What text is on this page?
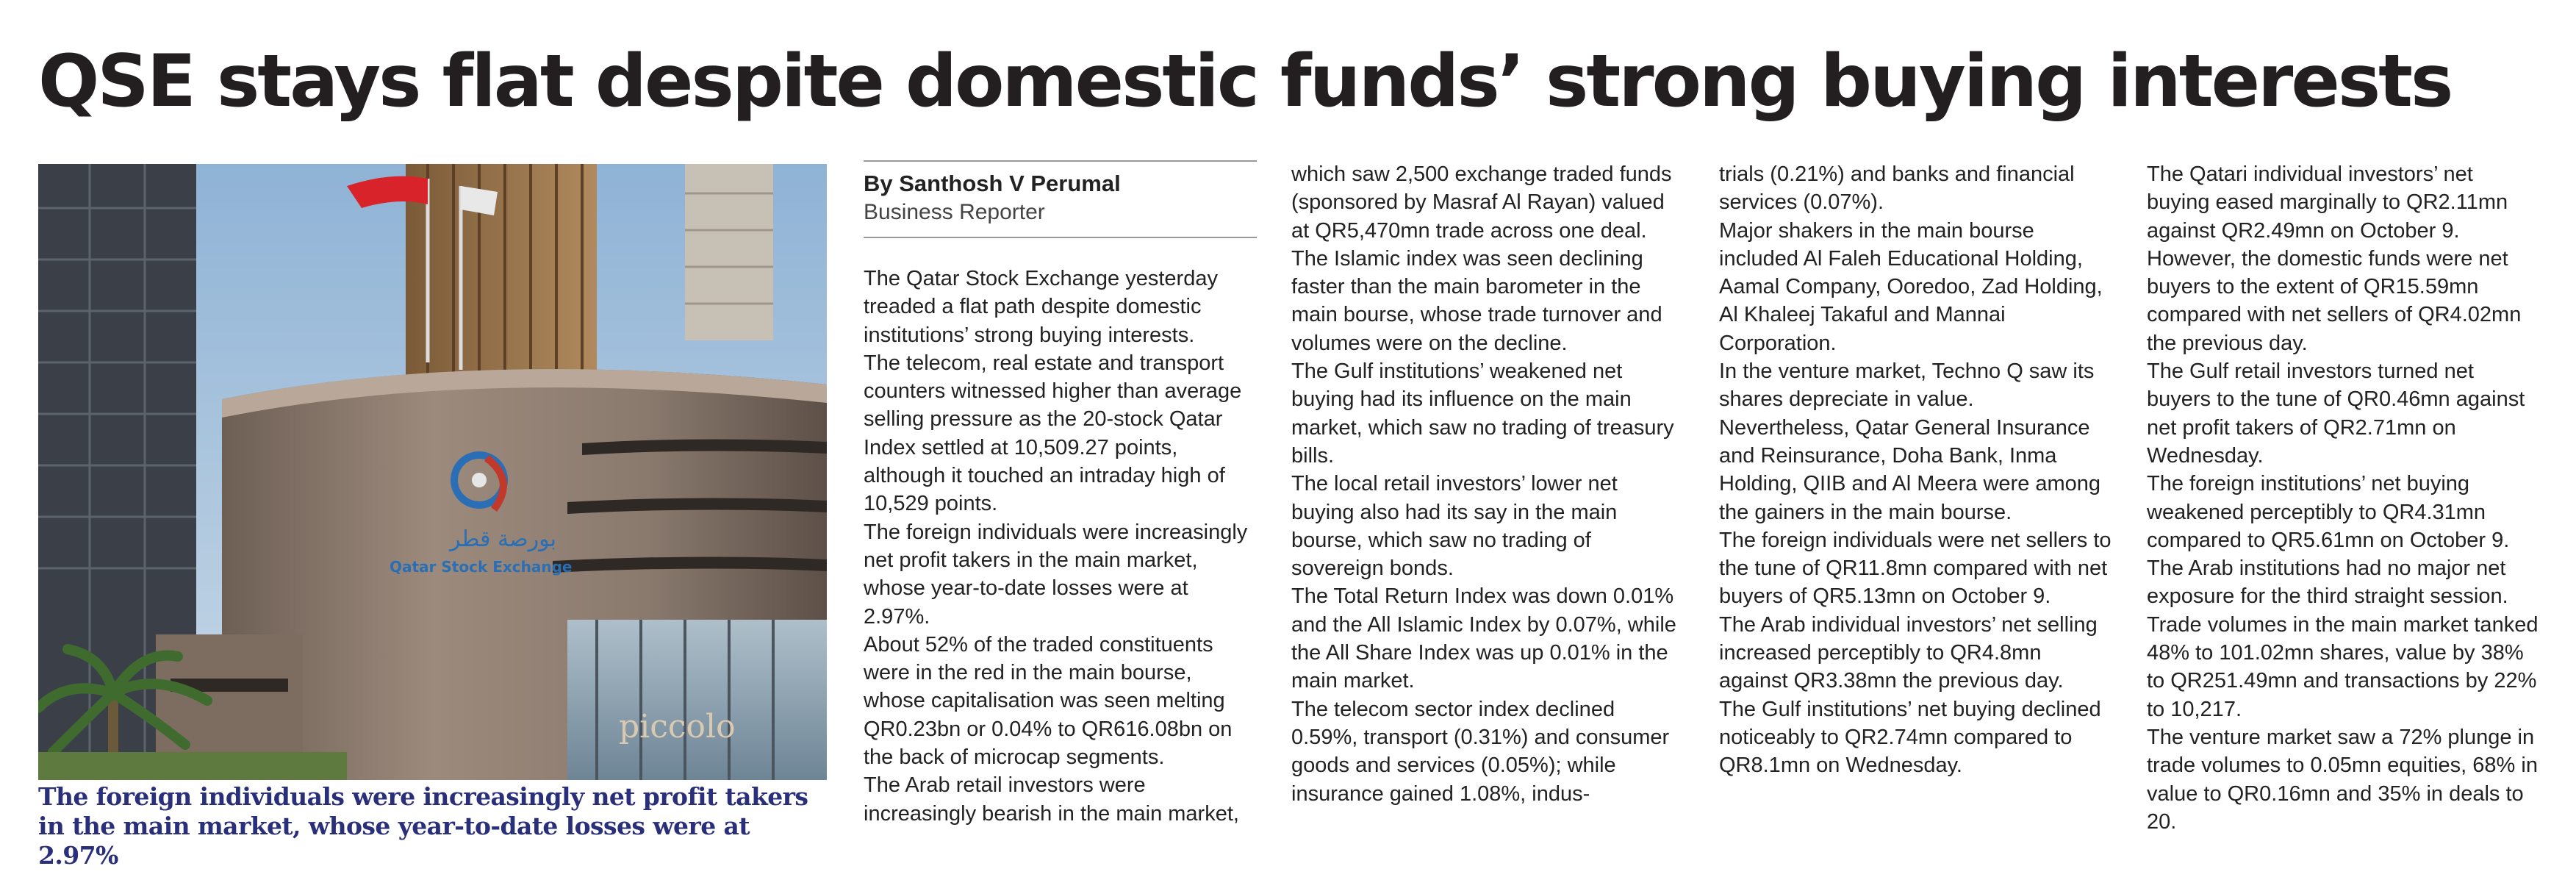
QSE stays flat despite domestic funds’ strong buying interests
piccolo
بورصة قطر
Qatar Stock Exchange

The foreign individuals were increasingly net profit takers in the main market, whose year-to-date losses were at 2.97%

By Santhosh V Perumal
Business Reporter

The Qatar Stock Exchange yesterday treaded a flat path despite domestic institutions’ strong buying interests.

The telecom, real estate and transport counters witnessed higher than average selling pressure as the 20-stock Qatar Index settled at 10,509.27 points, although it touched an intraday high of 10,529 points.

The foreign individuals were increasingly net profit takers in the main market, whose year-to-date losses were at 2.97%.

About 52% of the traded constituents were in the red in the main bourse, whose capitalisation was seen melting QR0.23bn or 0.04% to QR616.08bn on the back of microcap segments.

The Arab retail investors were increasingly bearish in the main market,

which saw 2,500 exchange traded funds (sponsored by Masraf Al Rayan) valued at QR5,470mn trade across one deal.

The Islamic index was seen declining faster than the main barometer in the main bourse, whose trade turnover and volumes were on the decline.

The Gulf institutions’ weakened net buying had its influence on the main market, which saw no trading of treasury bills.

The local retail investors’ lower net buying also had its say in the main bourse, which saw no trading of sovereign bonds.

The Total Return Index was down 0.01% and the All Islamic Index by 0.07%, while the All Share Index was up 0.01% in the main market.

The telecom sector index declined 0.59%, transport (0.31%) and consumer goods and services (0.05%); while insurance gained 1.08%, indus-

trials (0.21%) and banks and financial services (0.07%).

Major shakers in the main bourse included Al Faleh Educational Holding, Aamal Company, Ooredoo, Zad Holding, Al Khaleej Takaful and Mannai Corporation.

In the venture market, Techno Q saw its shares depreciate in value.

Nevertheless, Qatar General Insurance and Reinsurance, Doha Bank, Inma Holding, QIIB and Al Meera were among the gainers in the main bourse.

The foreign individuals were net sellers to the tune of QR11.8mn compared with net buyers of QR5.13mn on October 9.

The Arab individual investors’ net selling increased perceptibly to QR4.8mn against QR3.38mn the previous day.

The Gulf institutions’ net buying declined noticeably to QR2.74mn compared to QR8.1mn on Wednesday.

The Qatari individual investors’ net buying eased marginally to QR2.11mn against QR2.49mn on October 9.

However, the domestic funds were net buyers to the extent of QR15.59mn compared with net sellers of QR4.02mn the previous day.

The Gulf retail investors turned net buyers to the tune of QR0.46mn against net profit takers of QR2.71mn on Wednesday.

The foreign institutions’ net buying weakened perceptibly to QR4.31mn compared to QR5.61mn on October 9.

The Arab institutions had no major net exposure for the third straight session.

Trade volumes in the main market tanked 48% to 101.02mn shares, value by 38% to QR251.49mn and transactions by 22% to 10,217.

The venture market saw a 72% plunge in trade volumes to 0.05mn equities, 68% in value to QR0.16mn and 35% in deals to 20.
